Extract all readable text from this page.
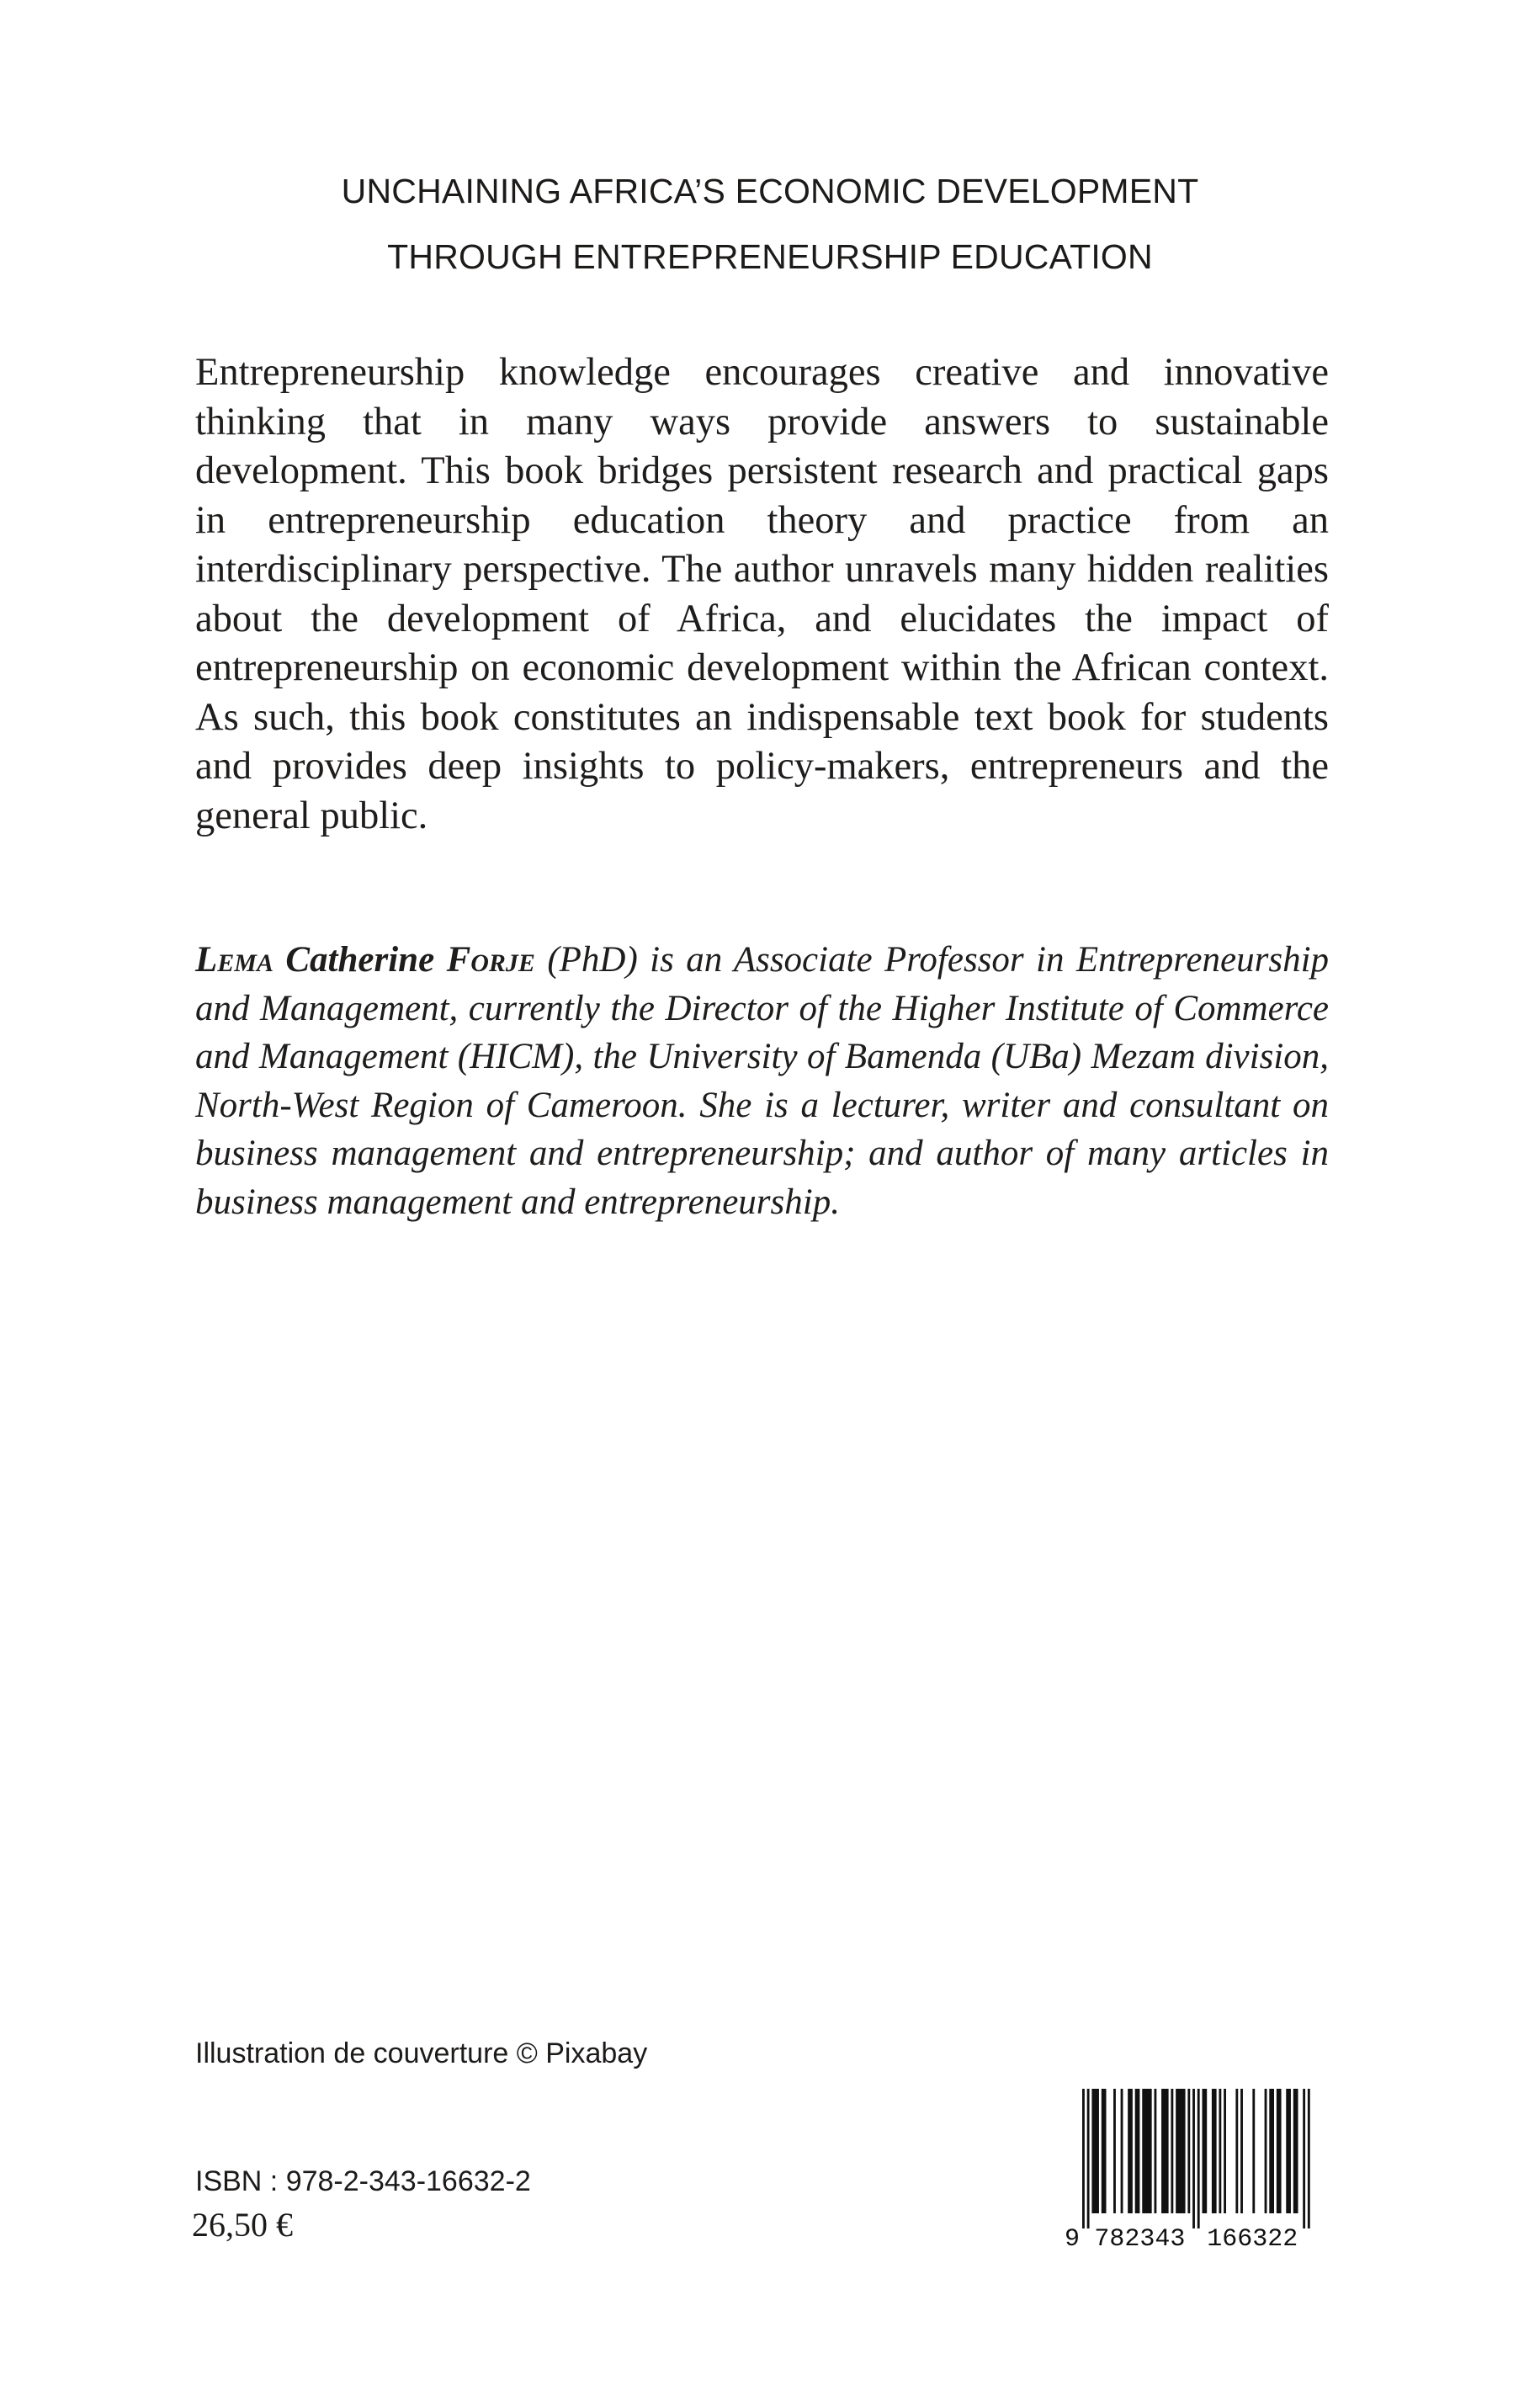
UNCHAINING AFRICA’S ECONOMIC DEVELOPMENT
THROUGH ENTREPRENEURSHIP EDUCATION

Entrepreneurship knowledge encourages creative and innovative thinking that in many ways provide answers to sustainable development. This book bridges persistent research and practical gaps in entrepreneurship education theory and practice from an interdisciplinary perspective. The author unravels many hidden realities about the development of Africa, and elucidates the impact of entrepreneurship on economic development within the African context. As such, this book constitutes an indispensable text book for students and provides deep insights to policy-makers, entrepreneurs and the general public.

Lema Catherine Forje (PhD) is an Associate Professor in Entrepreneurship and Management, currently the Director of the Higher Institute of Commerce and Management (HICM), the University of Bamenda (UBa) Mezam division, North-West Region of Cameroon. She is a lecturer, writer and consultant on business management and entrepreneurship; and author of many articles in business management and entrepreneurship.

Illustration de couverture © Pixabay
ISBN : 978-2-343-16632-2
26,50 €	9 782343 166322
